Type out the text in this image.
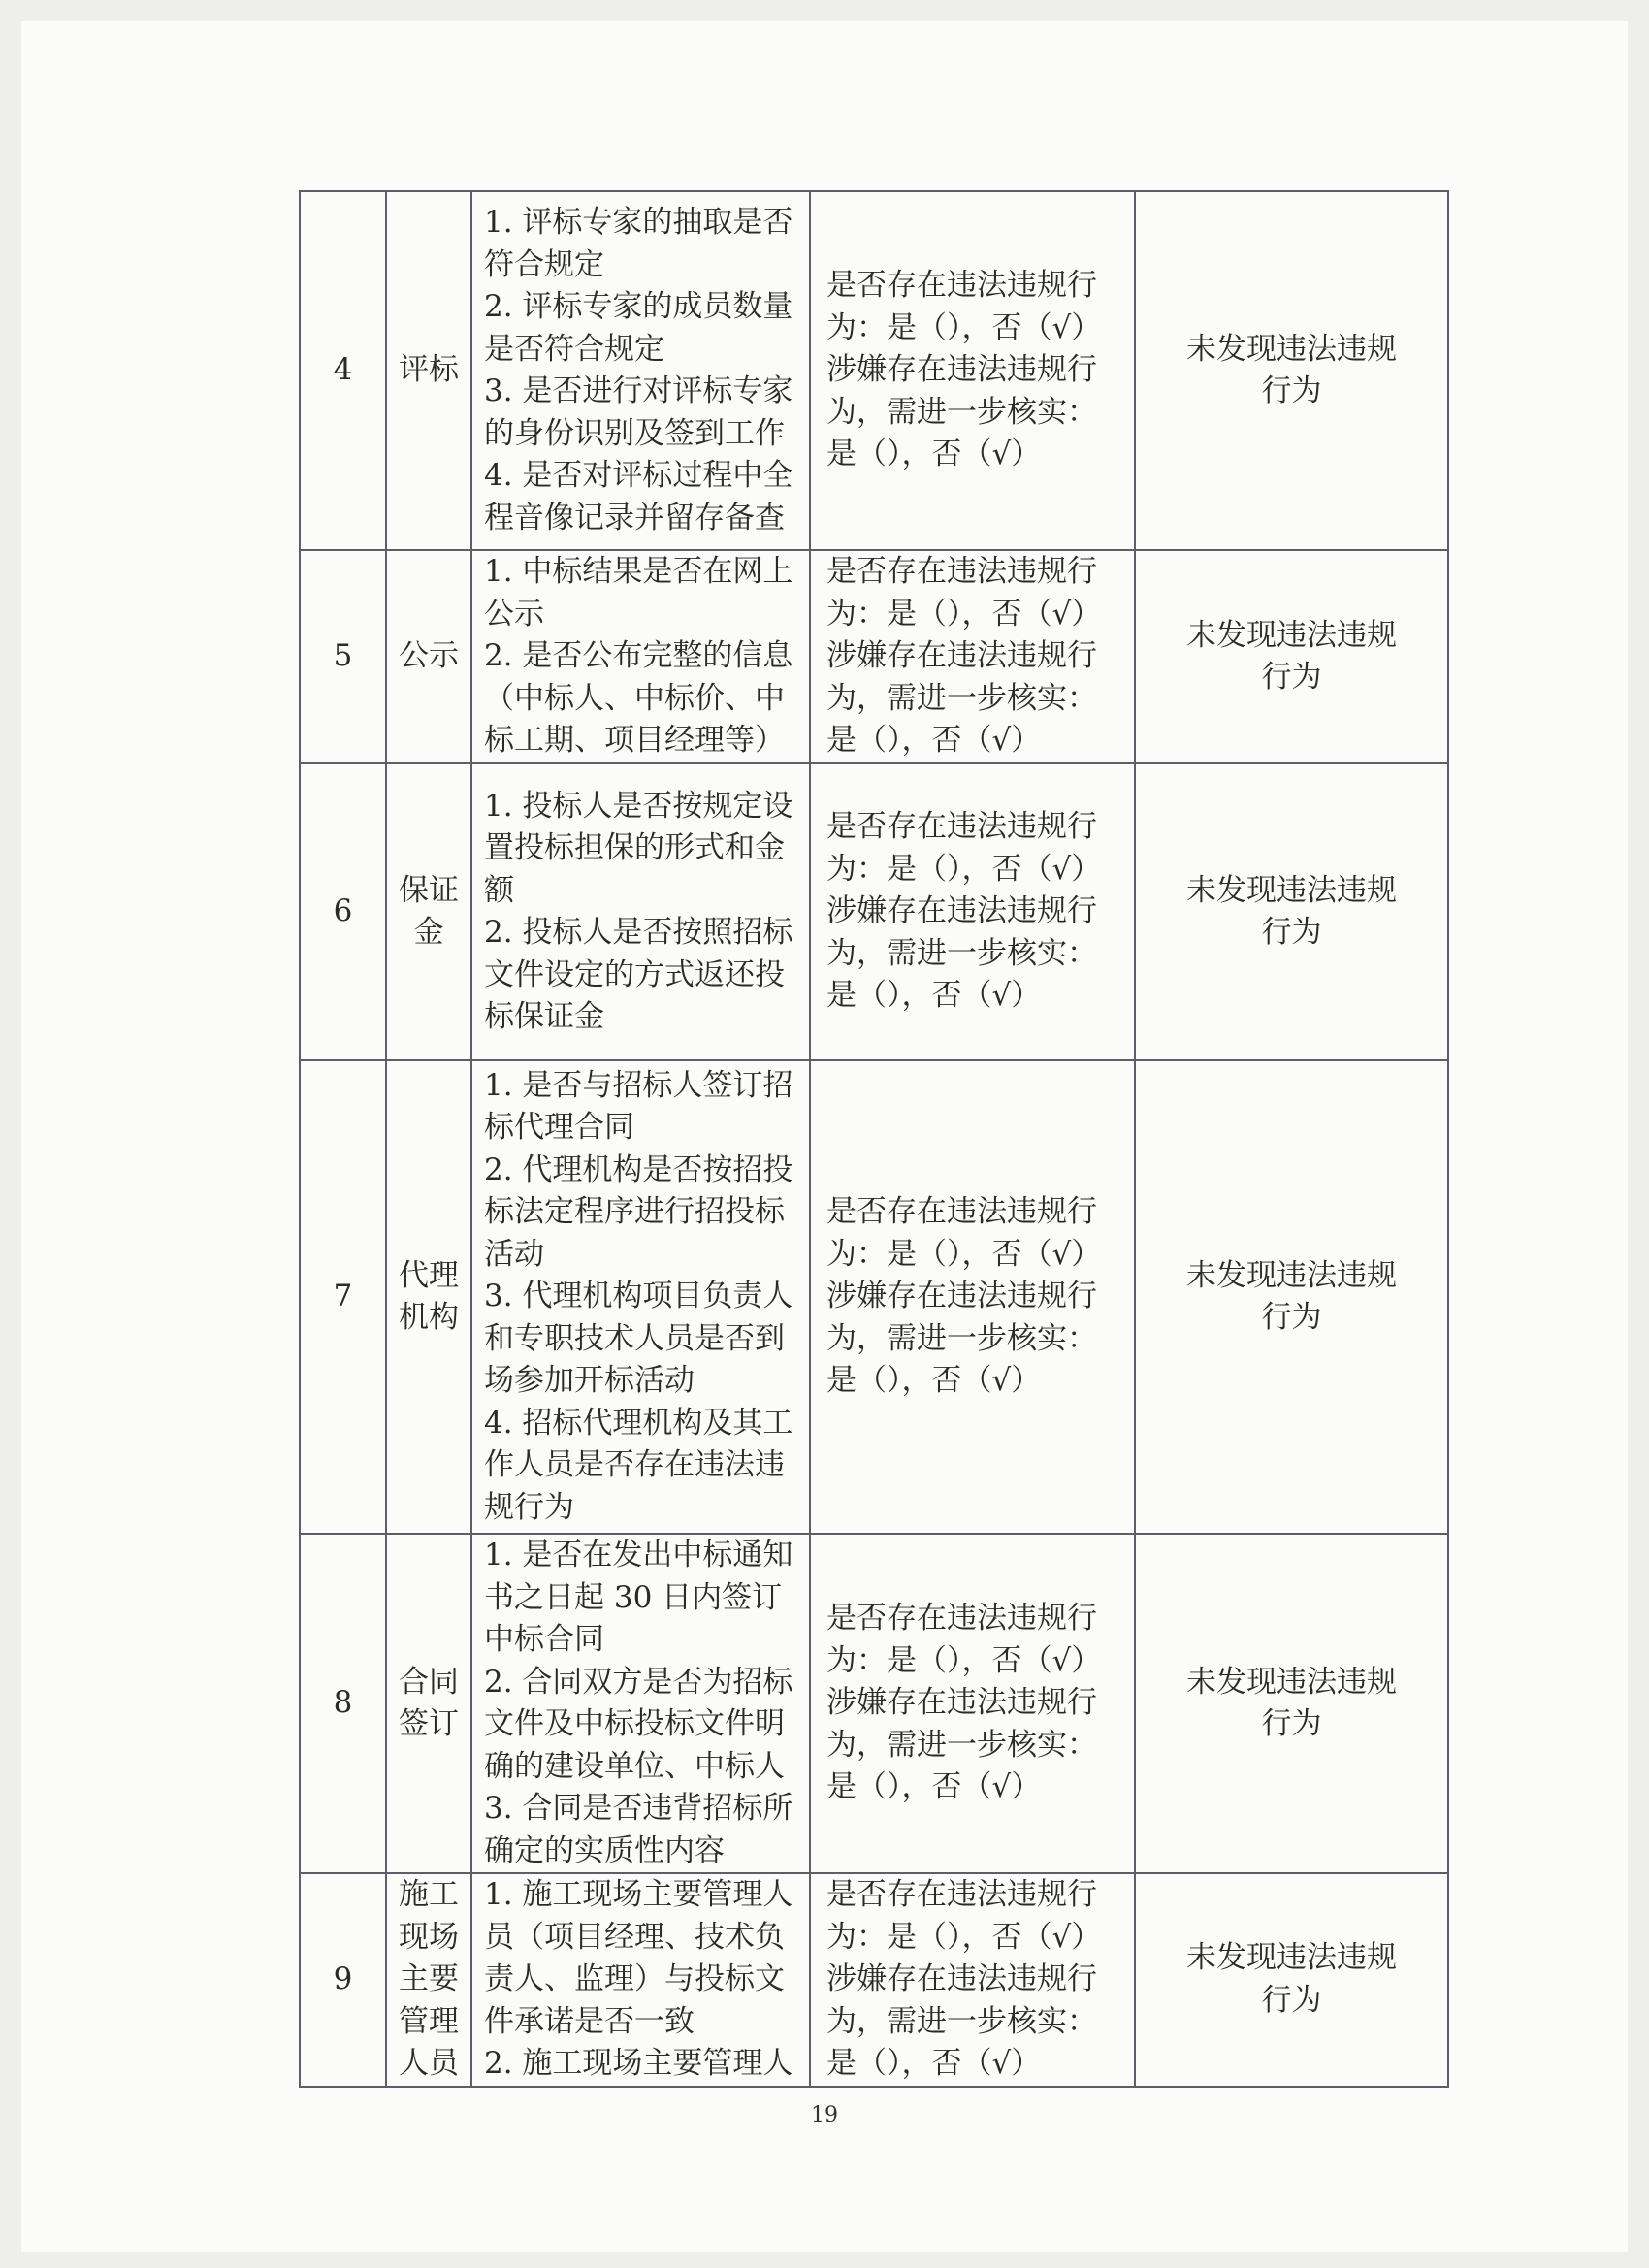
4	评标	1. 评标专家的抽取是否符合规定
2. 评标专家的成员数量是否符合规定
3. 是否进行对评标专家的身份识别及签到工作
4. 是否对评标过程中全程音像记录并留存备查	是否存在违法违规行为：是（），否（√）涉嫌存在违法违规行为，需进一步核实：是（），否（√）	未发现违法违规行为
5	公示	1. 中标结果是否在网上公示
2. 是否公布完整的信息（中标人、中标价、中标工期、项目经理等）	是否存在违法违规行为：是（），否（√）涉嫌存在违法违规行为，需进一步核实：是（），否（√）	未发现违法违规行为
6	保证金	1. 投标人是否按规定设置投标担保的形式和金额
2. 投标人是否按照招标文件设定的方式返还投标保证金	是否存在违法违规行为：是（），否（√）涉嫌存在违法违规行为，需进一步核实：是（），否（√）	未发现违法违规行为
7	代理机构	1. 是否与招标人签订招标代理合同
2. 代理机构是否按招投标法定程序进行招投标活动
3. 代理机构项目负责人和专职技术人员是否到场参加开标活动
4. 招标代理机构及其工作人员是否存在违法违规行为	是否存在违法违规行为：是（），否（√）涉嫌存在违法违规行为，需进一步核实：是（），否（√）	未发现违法违规行为
8	合同签订	1. 是否在发出中标通知书之日起 30 日内签订中标合同
2. 合同双方是否为招标文件及中标投标文件明确的建设单位、中标人
3. 合同是否违背招标所确定的实质性内容	是否存在违法违规行为：是（），否（√）涉嫌存在违法违规行为，需进一步核实：是（），否（√）	未发现违法违规行为
9	施工现场主要管理人员	1. 施工现场主要管理人员（项目经理、技术负责人、监理）与投标文件承诺是否一致
2. 施工现场主要管理人	是否存在违法违规行为：是（），否（√）涉嫌存在违法违规行为，需进一步核实：是（），否（√）	未发现违法违规行为
19
